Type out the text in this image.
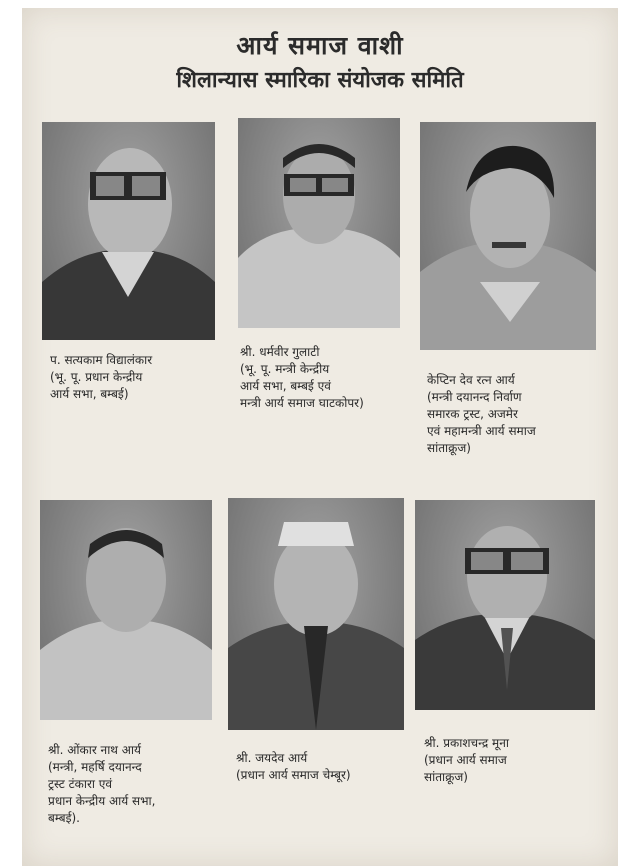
आर्य समाज वाशी
शिलान्यास स्मारिका संयोजक समिति
प. सत्यकाम विद्यालंकार
(भू. पू. प्रधान केन्द्रीय
आर्य सभा, बम्बई)
श्री. धर्मवीर गुलाटी
(भू. पू. मन्त्री केन्द्रीय
आर्य सभा, बम्बई एवं
मन्त्री आर्य समाज घाटकोपर)
केप्टिन देव रत्न आर्य
(मन्त्री दयानन्द निर्वाण
समारक ट्रस्ट, अजमेर
एवं महामन्त्री आर्य समाज
सांताक्रूज)
श्री. ओंकार नाथ आर्य
(मन्त्री, महर्षि दयानन्द
ट्रस्ट टंकारा एवं
प्रधान केन्द्रीय आर्य सभा,
बम्बई).
श्री. जयदेव आर्य
(प्रधान आर्य समाज चेम्बूर)
श्री. प्रकाशचन्द्र मूना
(प्रधान आर्य समाज
सांताक्रूज)
